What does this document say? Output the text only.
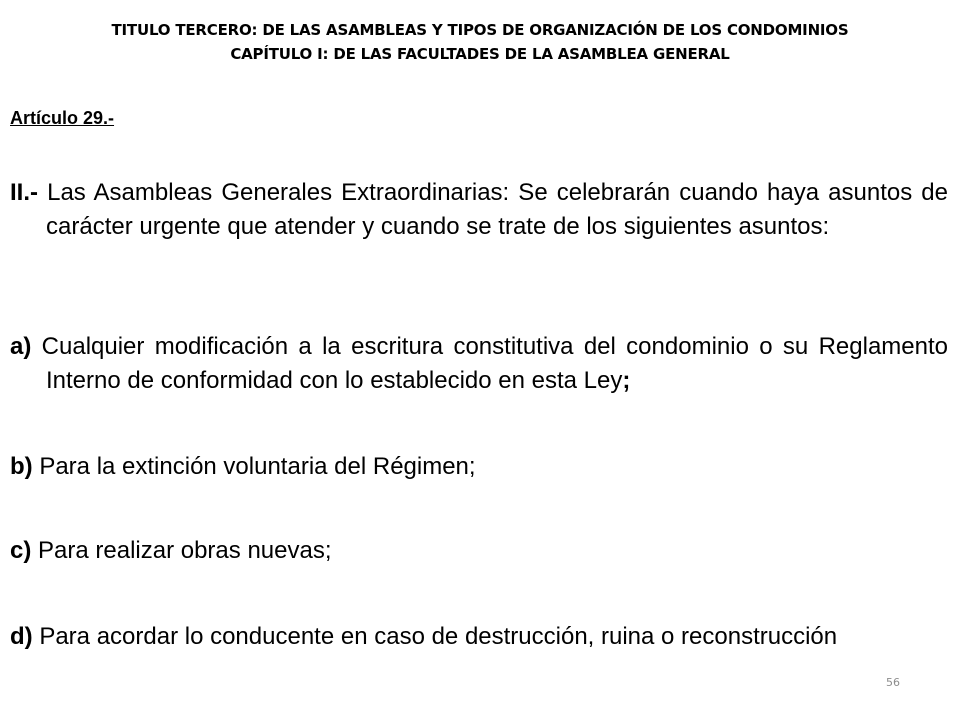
TITULO TERCERO: DE LAS ASAMBLEAS Y TIPOS DE ORGANIZACIÓN DE LOS CONDOMINIOS
CAPÍTULO I: DE LAS FACULTADES DE LA ASAMBLEA GENERAL
Artículo 29.-
II.- Las Asambleas Generales Extraordinarias: Se celebrarán cuando haya asuntos de carácter urgente que atender y cuando se trate de los siguientes asuntos:
a) Cualquier modificación a la escritura constitutiva del condominio o su Reglamento Interno de conformidad con lo establecido en esta Ley;
b) Para la extinción voluntaria del Régimen;
c) Para realizar obras nuevas;
d) Para acordar lo conducente en caso de destrucción, ruina o reconstrucción
56
